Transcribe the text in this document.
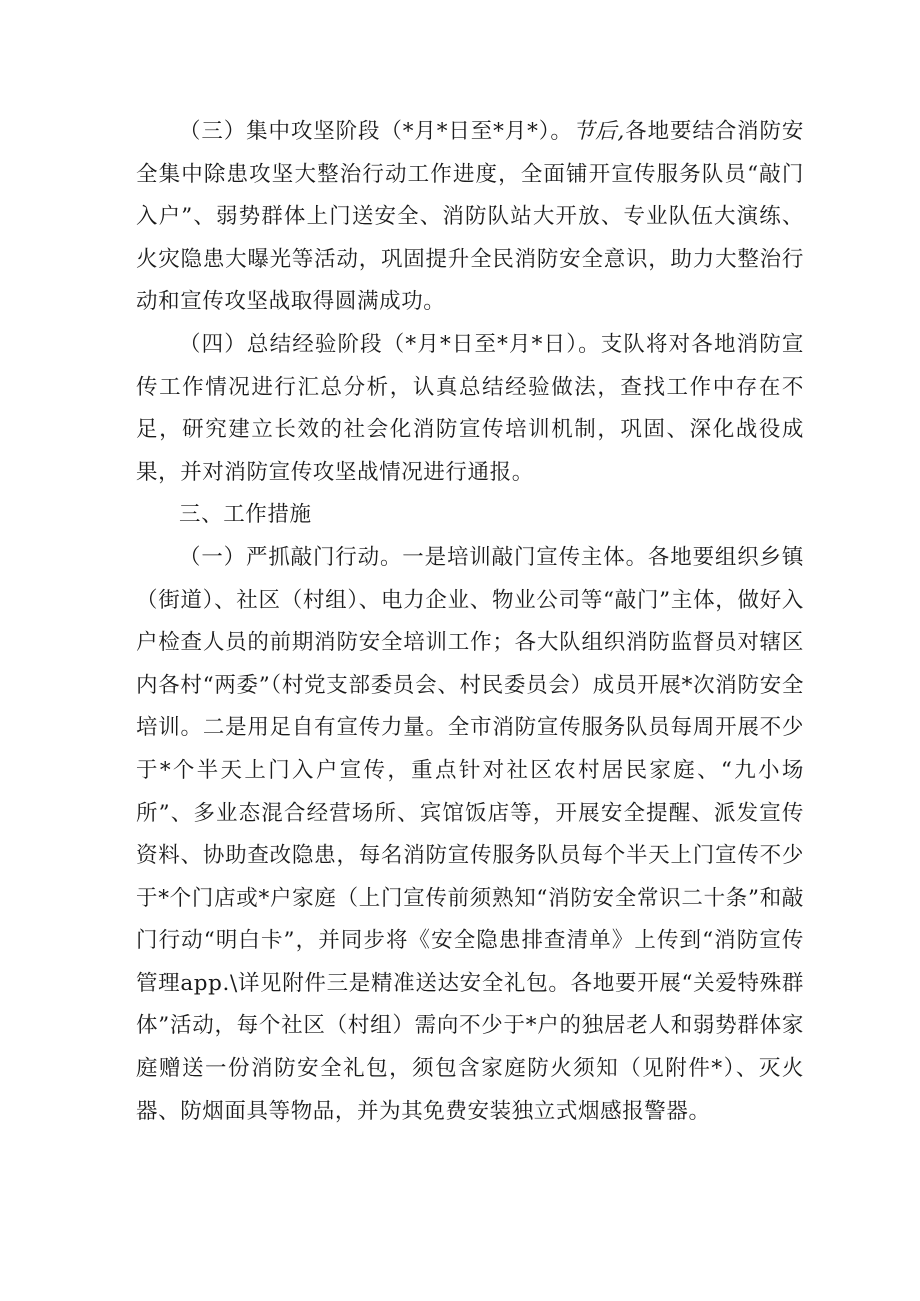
（三）集中攻坚阶段（*月*日至*月*）。节后,各地要结合消防安全集中除患攻坚大整治行动工作进度，全面铺开宣传服务队员“敲门入户”、弱势群体上门送安全、消防队站大开放、专业队伍大演练、火灾隐患大曝光等活动，巩固提升全民消防安全意识，助力大整治行动和宣传攻坚战取得圆满成功。

（四）总结经验阶段（*月*日至*月*日）。支队将对各地消防宣传工作情况进行汇总分析，认真总结经验做法，查找工作中存在不足，研究建立长效的社会化消防宣传培训机制，巩固、深化战役成果，并对消防宣传攻坚战情况进行通报。

三、工作措施

（一）严抓敲门行动。一是培训敲门宣传主体。各地要组织乡镇（街道）、社区（村组）、电力企业、物业公司等“敲门”主体，做好入户检查人员的前期消防安全培训工作；各大队组织消防监督员对辖区内各村“两委”（村党支部委员会、村民委员会）成员开展*次消防安全培训。二是用足自有宣传力量。全市消防宣传服务队员每周开展不少于*个半天上门入户宣传，重点针对社区农村居民家庭、“九小场所”、多业态混合经营场所、宾馆饭店等，开展安全提醒、派发宣传资料、协助查改隐患，每名消防宣传服务队员每个半天上门宣传不少于*个门店或*户家庭（上门宣传前须熟知“消防安全常识二十条”和敲门行动“明白卡”，并同步将《安全隐患排查清单》上传到“消防宣传管理app.\详见附件三是精准送达安全礼包。各地要开展“关爱特殊群体”活动，每个社区（村组）需向不少于*户的独居老人和弱势群体家庭赠送一份消防安全礼包，须包含家庭防火须知（见附件*）、灭火器、防烟面具等物品，并为其免费安装独立式烟感报警器。
